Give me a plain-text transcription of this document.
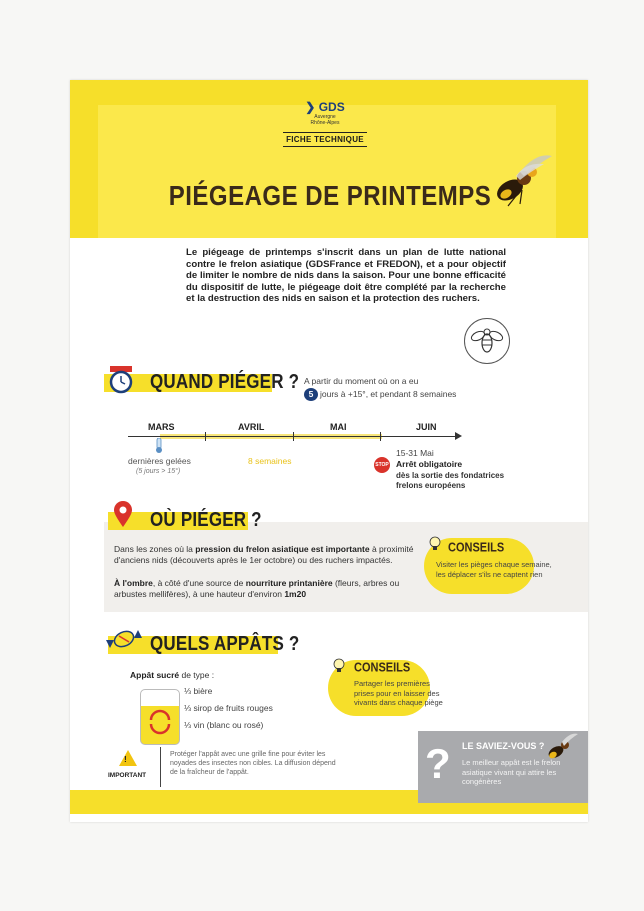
❯ GDS
Auvergne
Rhône-Alpes
FICHE TECHNIQUE
PIÉGEAGE DE PRINTEMPS
Le piégeage de printemps s'inscrit dans un plan de lutte national contre le frelon asiatique (GDSFrance et FREDON), et a pour objectif de limiter le nombre de nids dans la saison. Pour une bonne efficacité du dispositif de lutte, le piégeage doit être complété par la recherche et la destruction des nids en saison et la protection des ruchers.
QUAND PIÉGER ? A partir du moment où on a eu
5 jours à +15°, et pendant 8 semaines
MARS	AVRIL	MAI	JUIN
dernières gelées
(5 jours > 15°)
8 semaines	STOP
15-31 Mai
Arrêt obligatoire
dès la sortie des fondatrices
frelons européens
OÙ PIÉGER ?
Dans les zones où la pression du frelon asiatique est importante à proximité d'anciens nids (découverts après le 1er octobre) ou des ruchers impactés.
À l'ombre, à côté d'une source de nourriture printanière (fleurs, arbres ou arbustes mellifères), à une hauteur d'environ 1m20
CONSEILS
Visiter les pièges chaque semaine, les déplacer s'ils ne captent rien
QUELS APPÂTS ?
Appât sucré de type :
⅓ bière
⅓ sirop de fruits rouges
⅓ vin (blanc ou rosé)
CONSEILS
Partager les premières prises pour en laisser des vivants dans chaque piège
!
IMPORTANT
Protéger l'appât avec une grille fine pour éviter les noyades des insectes non cibles. La diffusion dépend de la fraîcheur de l'appât.	? LE SAVIEZ-VOUS ?
Le meilleur appât est le frelon asiatique vivant qui attire les congénères
